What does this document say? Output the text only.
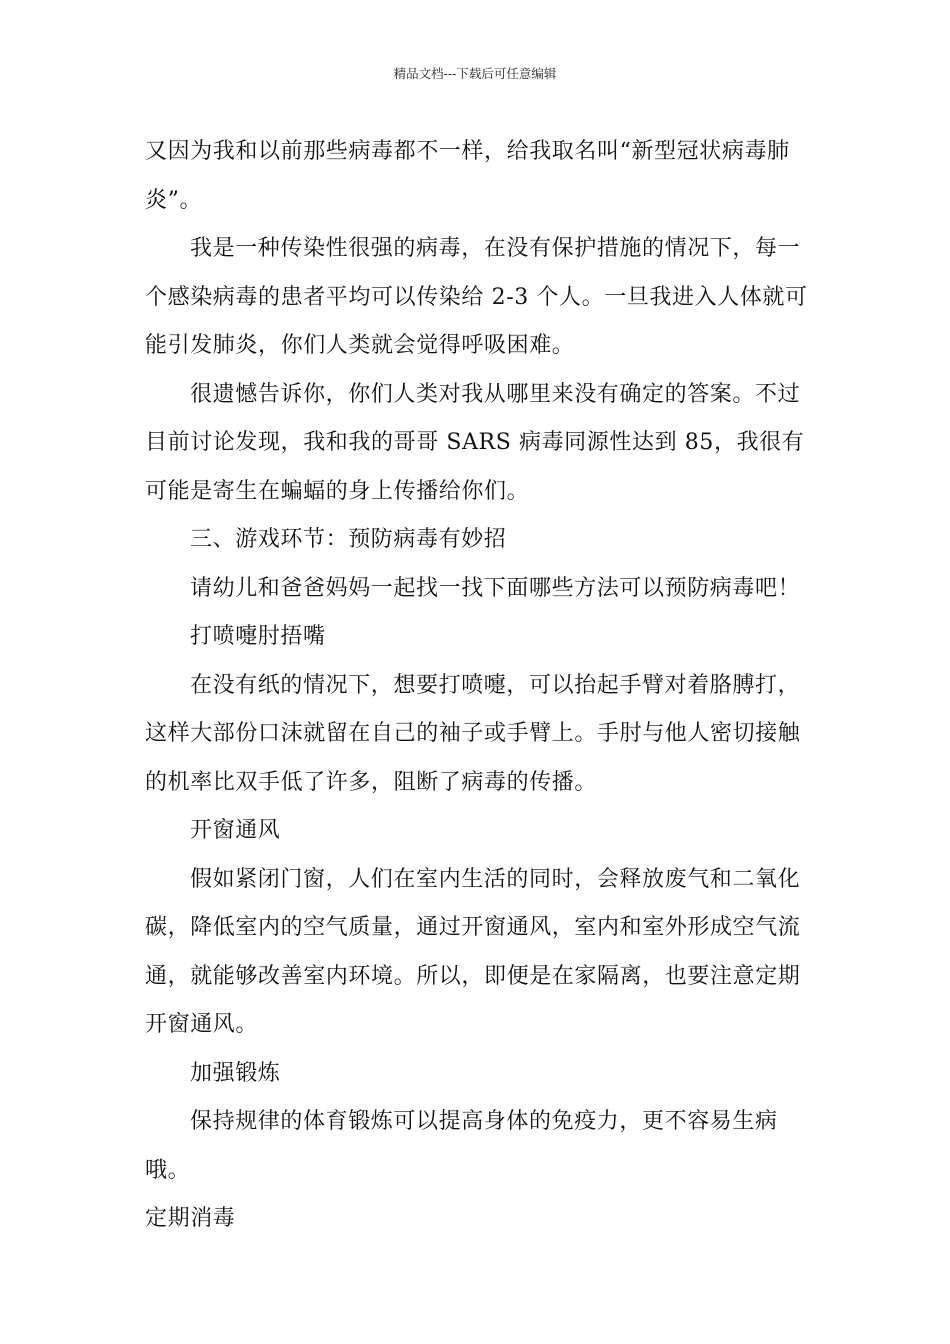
精品文档---下载后可任意编辑

又因为我和以前那些病毒都不一样，给我取名叫“新型冠状病毒肺炎”。

我是一种传染性很强的病毒，在没有保护措施的情况下，每一个感染病毒的患者平均可以传染给 2-3 个人。一旦我进入人体就可能引发肺炎，你们人类就会觉得呼吸困难。

很遗憾告诉你，你们人类对我从哪里来没有确定的答案。不过目前讨论发现，我和我的哥哥 SARS 病毒同源性达到 85，我很有可能是寄生在蝙蝠的身上传播给你们。

三、游戏环节：预防病毒有妙招

请幼儿和爸爸妈妈一起找一找下面哪些方法可以预防病毒吧！

打喷嚏肘捂嘴

在没有纸的情况下，想要打喷嚏，可以抬起手臂对着胳膊打，这样大部份口沫就留在自己的袖子或手臂上。手肘与他人密切接触的机率比双手低了许多，阻断了病毒的传播。

开窗通风

假如紧闭门窗，人们在室内生活的同时，会释放废气和二氧化碳，降低室内的空气质量，通过开窗通风，室内和室外形成空气流通，就能够改善室内环境。所以，即便是在家隔离，也要注意定期开窗通风。

加强锻炼

保持规律的体育锻炼可以提高身体的免疫力，更不容易生病哦。

定期消毒
